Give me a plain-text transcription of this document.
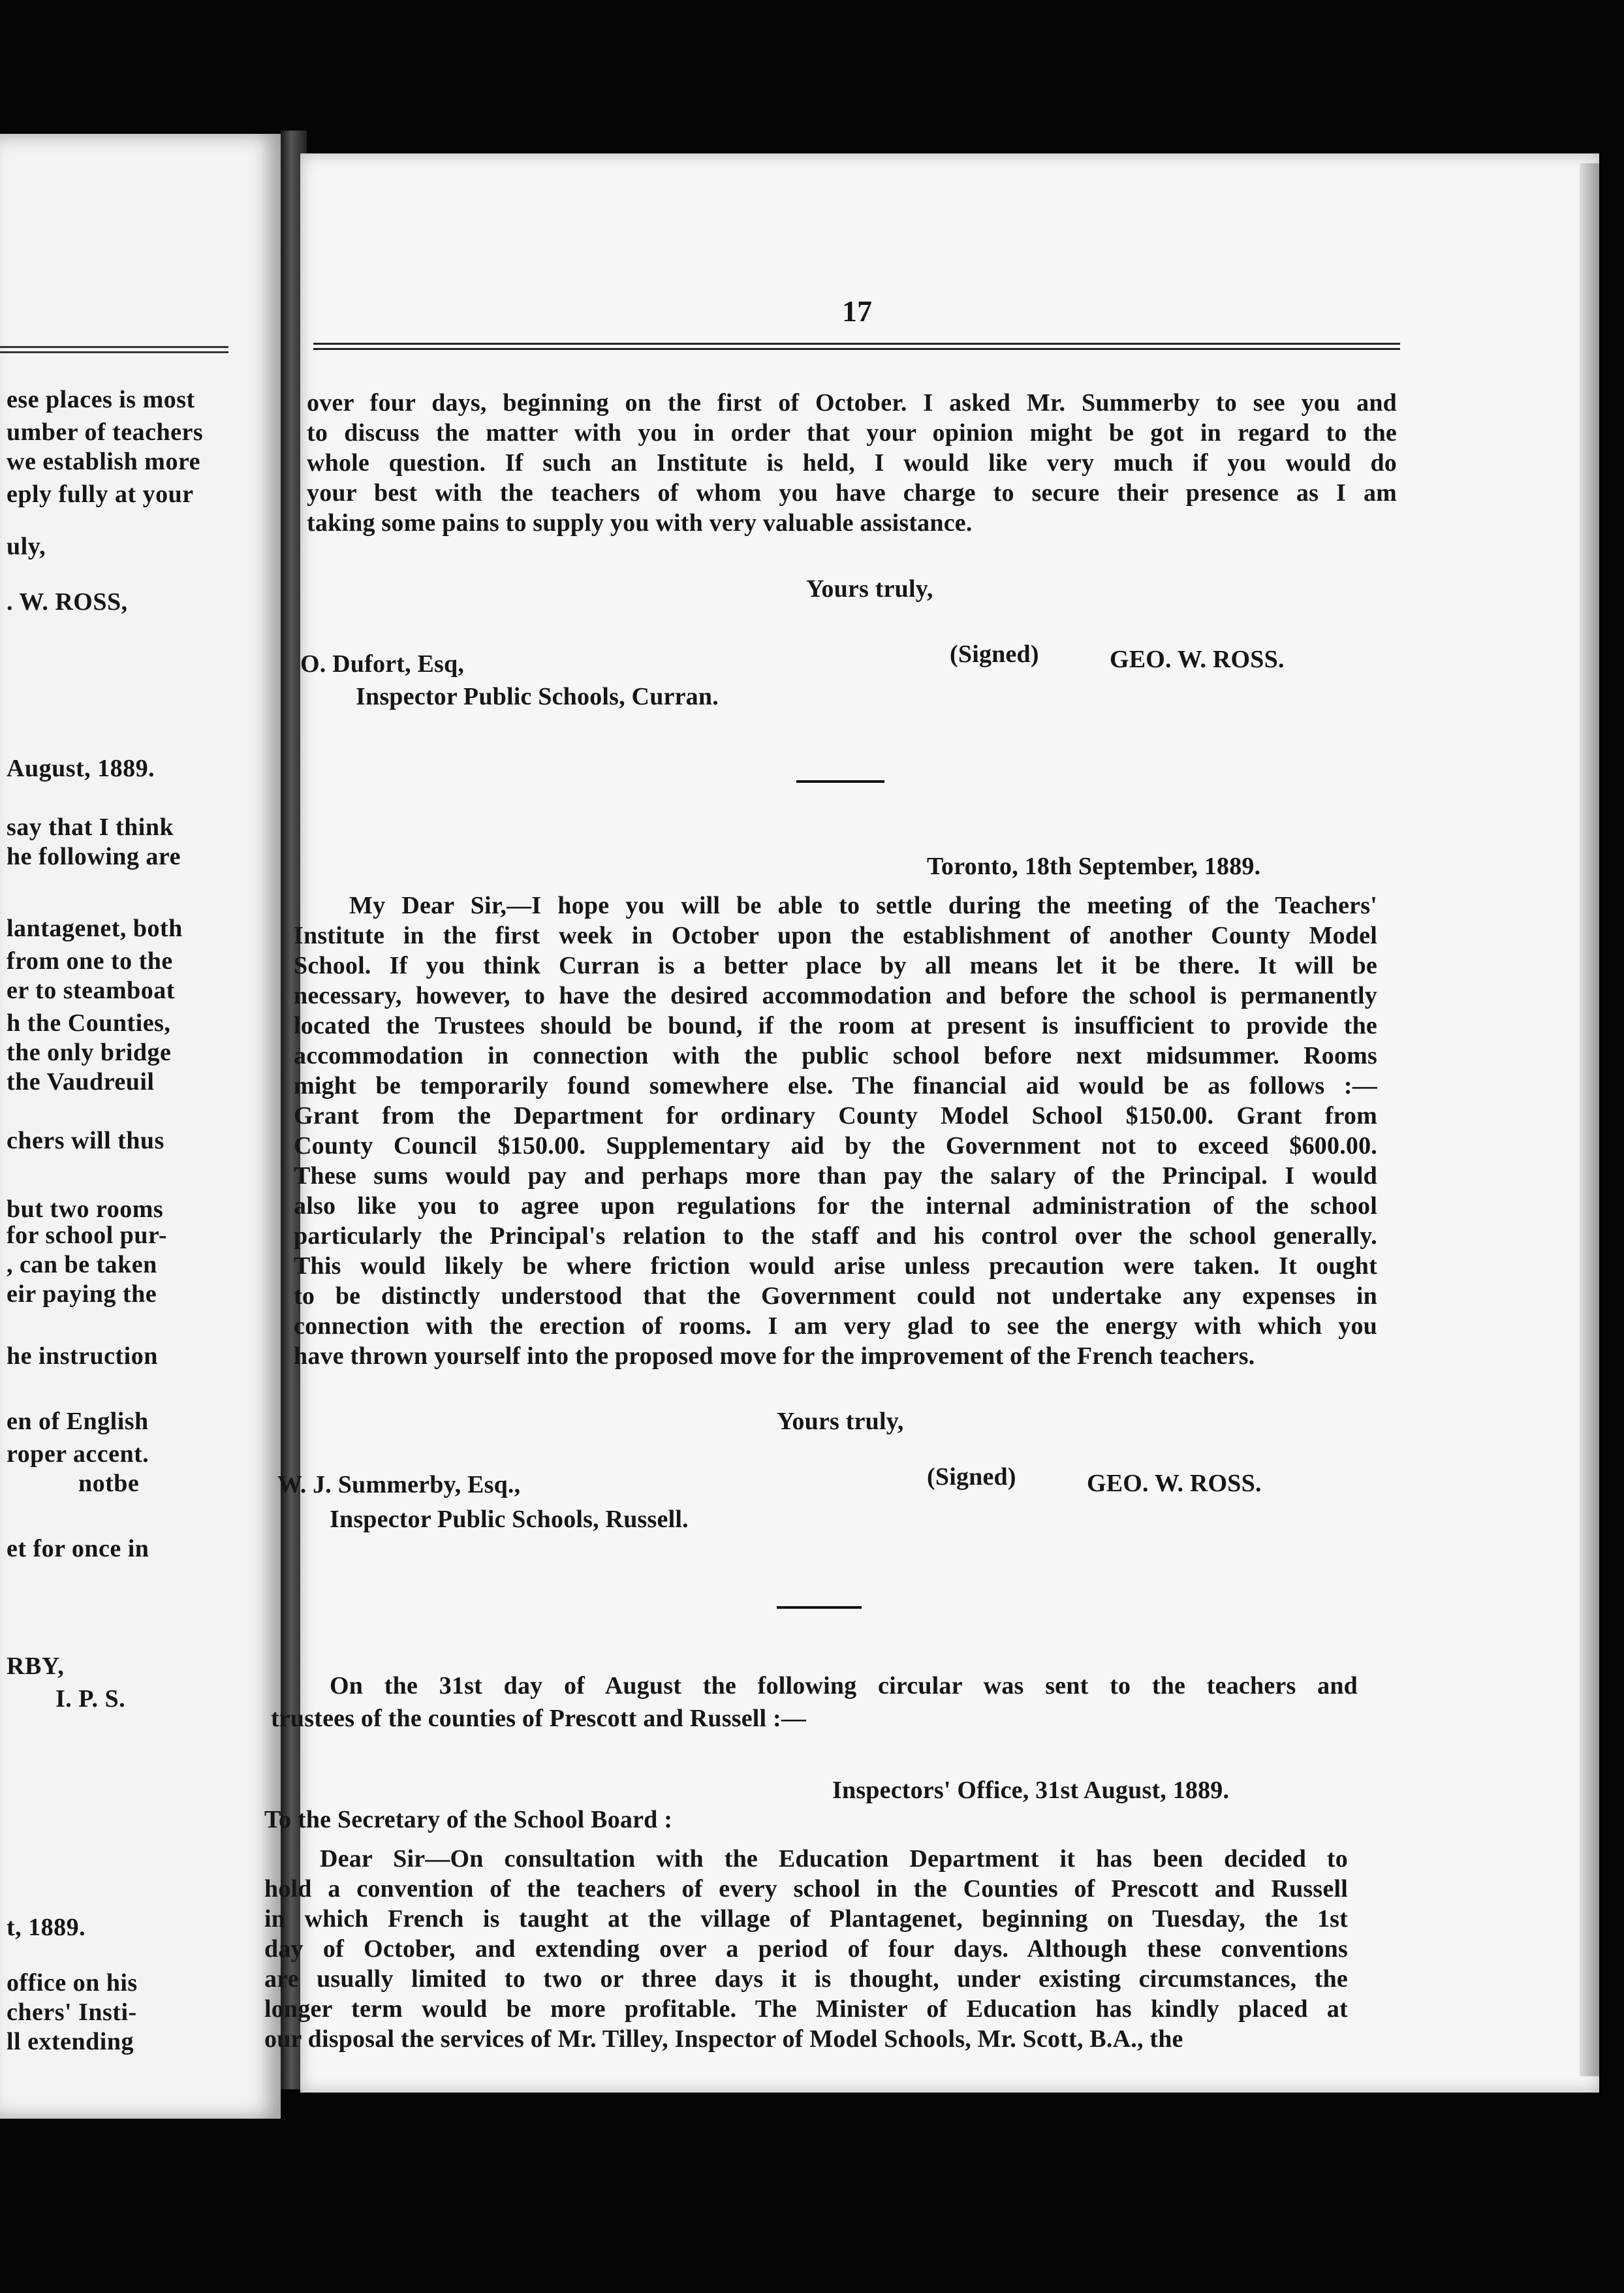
ese places is most
umber of teachers
we establish more
eply fully at your
uly,
. W. ROSS,
August, 1889.
say that I think
he following are
lantagenet, both
from one to the
er to steamboat
h the Counties,
the only bridge
the Vaudreuil
chers will thus
but two rooms
for school pur-
, can be taken
eir paying the
he instruction
en of English
roper accent.
notbe
et for once in
RBY,
I. P. S.
t, 1889.
office on his
chers' Insti-
ll extending
17
over four days, beginning on the first of October. I asked Mr. Summerby to see you and
to discuss the matter with you in order that your opinion might be got in regard to the
whole question. If such an Institute is held, I would like very much if you would do
your best with the teachers of whom you have charge to secure their presence as I am
taking some pains to supply you with very valuable assistance.
Yours truly,
O. Dufort, Esq,
Inspector Public Schools, Curran.
(Signed)	GEO. W. ROSS.
Toronto, 18th September, 1889.
My Dear Sir,—I hope you will be able to settle during the meeting of the Teachers'
Institute in the first week in October upon the establishment of another County Model
School. If you think Curran is a better place by all means let it be there. It will be
necessary, however, to have the desired accommodation and before the school is permanently
located the Trustees should be bound, if the room at present is insufficient to provide the
accommodation in connection with the public school before next midsummer. Rooms
might be temporarily found somewhere else. The financial aid would be as follows :—
Grant from the Department for ordinary County Model School $150.00. Grant from
County Council $150.00. Supplementary aid by the Government not to exceed $600.00.
These sums would pay and perhaps more than pay the salary of the Principal. I would
also like you to agree upon regulations for the internal administration of the school
particularly the Principal's relation to the staff and his control over the school generally.
This would likely be where friction would arise unless precaution were taken. It ought
to be distinctly understood that the Government could not undertake any expenses in
connection with the erection of rooms. I am very glad to see the energy with which you
have thrown yourself into the proposed move for the improvement of the French teachers.
Yours truly,
W. J. Summerby, Esq.,
Inspector Public Schools, Russell.
(Signed)	GEO. W. ROSS.
On the 31st day of August the following circular was sent to the teachers and
trustees of the counties of Prescott and Russell :—
Inspectors' Office, 31st August, 1889.
To the Secretary of the School Board :
Dear Sir—On consultation with the Education Department it has been decided to
hold a convention of the teachers of every school in the Counties of Prescott and Russell
in which French is taught at the village of Plantagenet, beginning on Tuesday, the 1st
day of October, and extending over a period of four days. Although these conventions
are usually limited to two or three days it is thought, under existing circumstances, the
longer term would be more profitable. The Minister of Education has kindly placed at
our disposal the services of Mr. Tilley, Inspector of Model Schools, Mr. Scott, B.A., the
